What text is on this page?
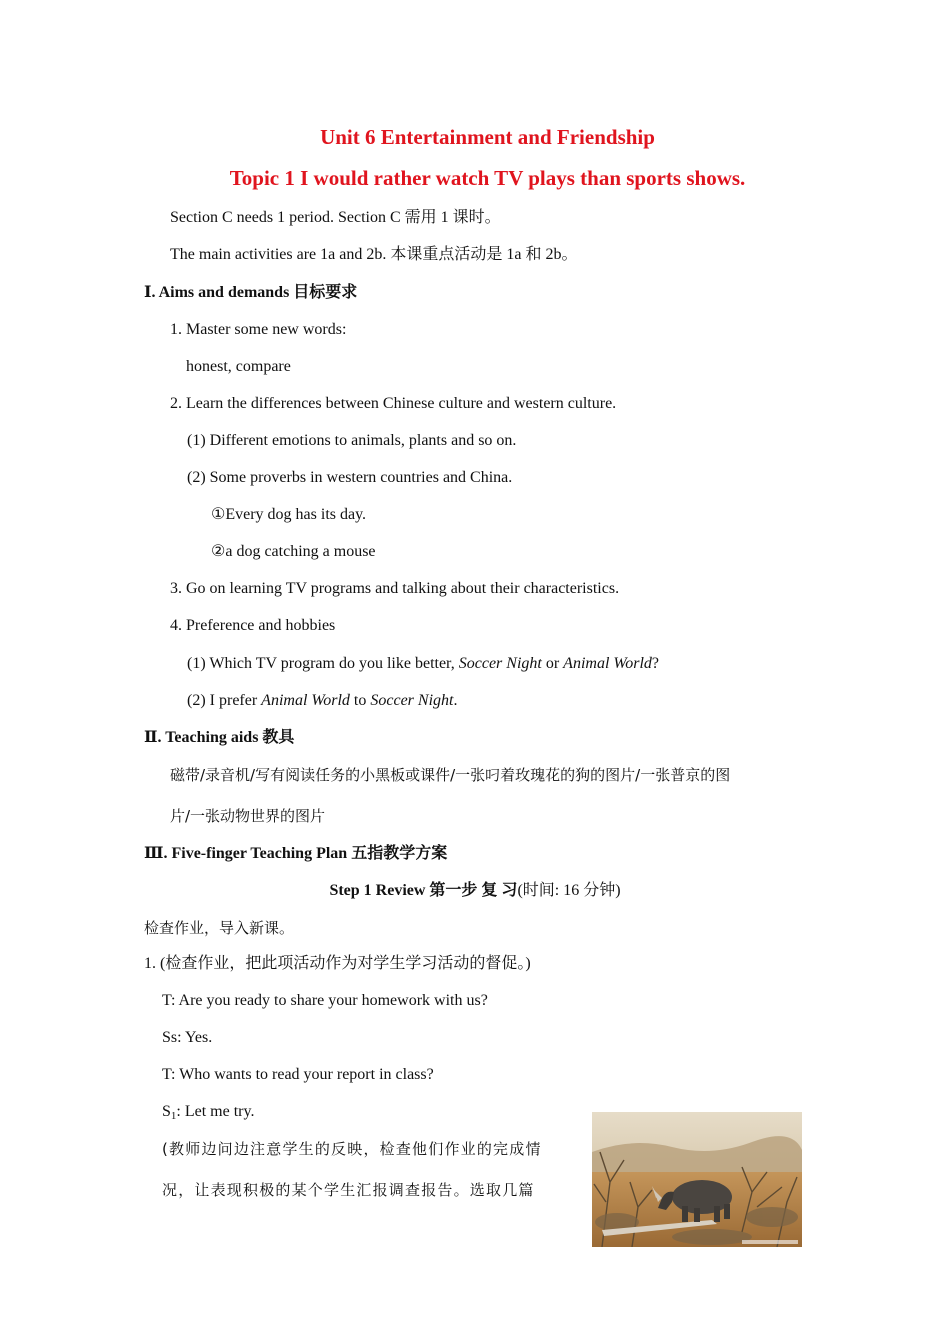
Unit 6 Entertainment and Friendship
Topic 1 I would rather watch TV plays than sports shows.
Section C needs 1 period. Section C 需用 1 课时。
The main activities are 1a and 2b. 本课重点活动是 1a 和 2b。
Ⅰ. Aims and demands 目标要求
1. Master some new words:
honest, compare
2. Learn the differences between Chinese culture and western culture.
(1) Different emotions to animals, plants and so on.
(2) Some proverbs in western countries and China.
①Every dog has its day.
②a dog catching a mouse
3. Go on learning TV programs and talking about their characteristics.
4. Preference and hobbies
(1) Which TV program do you like better, Soccer Night or Animal World?
(2) I prefer Animal World to Soccer Night.
Ⅱ. Teaching aids 教具
磁带/录音机/写有阅读任务的小黑板或课件/一张叼着玫瑰花的狗的图片/一张普京的图
片/一张动物世界的图片
Ⅲ. Five-finger Teaching Plan 五指教学方案
Step 1 Review 第一步 复 习(时间: 16 分钟)
检查作业，导入新课。
1. (检查作业，把此项活动作为对学生学习活动的督促。)
T: Are you ready to share your homework with us?
Ss: Yes.
T: Who wants to read your report in class?
$S_1$: Let me try.
(教师边问边注意学生的反映，检查他们作业的完成情
况，让表现积极的某个学生汇报调查报告。选取几篇
